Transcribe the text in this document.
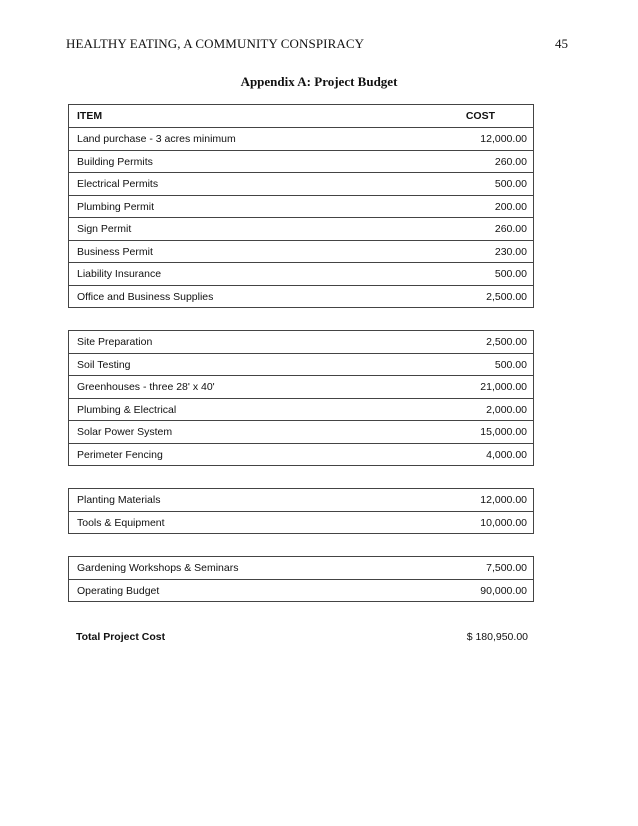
HEALTHY EATING, A COMMUNITY CONSPIRACY	45
Appendix A: Project Budget
ITEM	COST
Land purchase - 3 acres minimum	12,000.00
Building Permits	260.00
Electrical Permits	500.00
Plumbing Permit	200.00
Sign Permit	260.00
Business Permit	230.00
Liability Insurance	500.00
Office and Business Supplies	2,500.00
Site Preparation	2,500.00
Soil Testing	500.00
Greenhouses - three 28' x 40'	21,000.00
Plumbing & Electrical	2,000.00
Solar Power System	15,000.00
Perimeter Fencing	4,000.00
Planting Materials	12,000.00
Tools & Equipment	10,000.00
Gardening Workshops & Seminars	7,500.00
Operating Budget	90,000.00
Total Project Cost	$ 180,950.00
